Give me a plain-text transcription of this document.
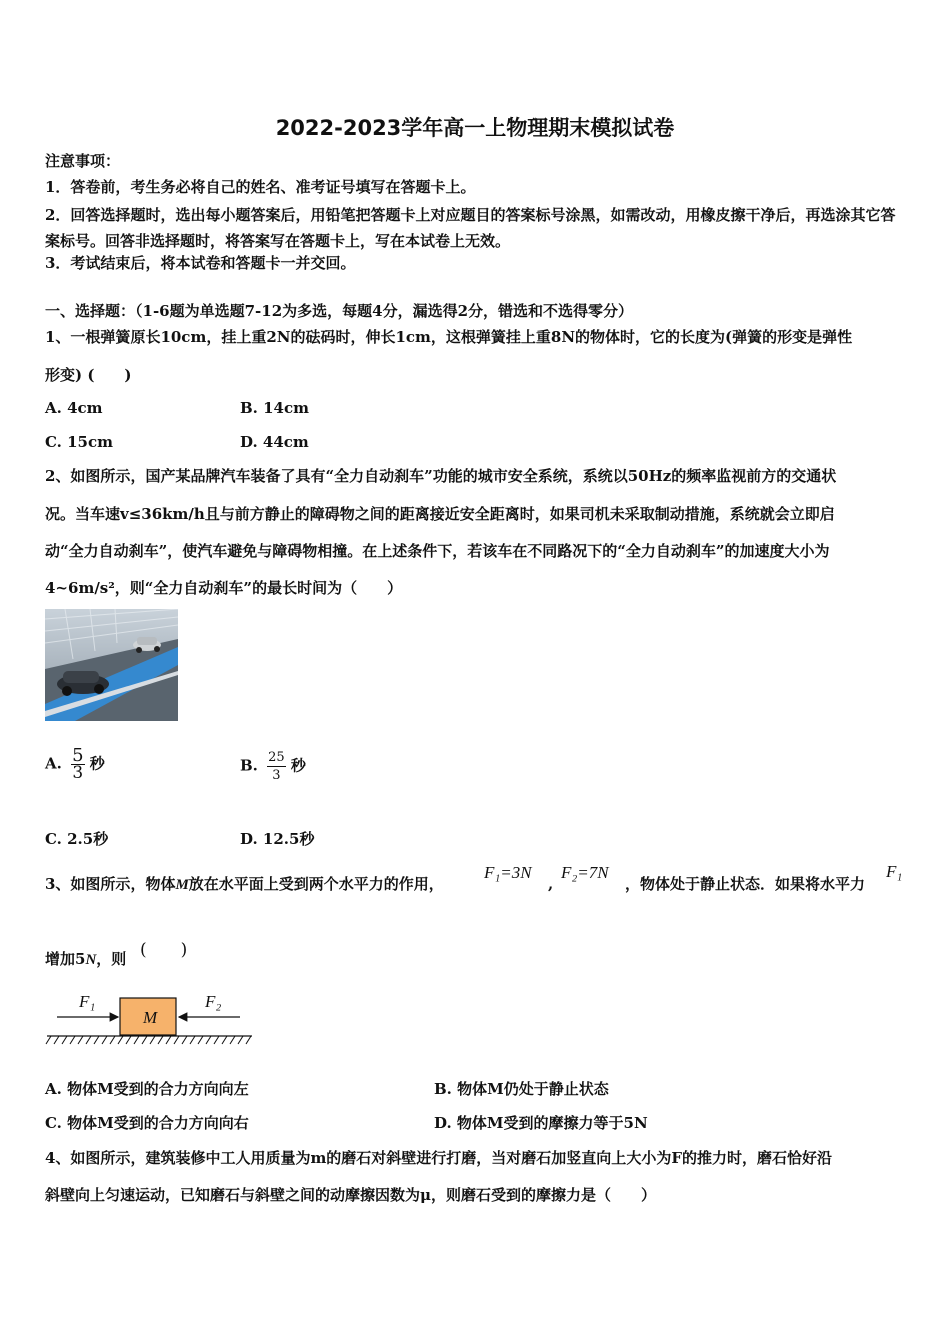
2022-2023学年高一上物理期末模拟试卷
注意事项：
1．答卷前，考生务必将自己的姓名、准考证号填写在答题卡上。
2．回答选择题时，选出每小题答案后，用铅笔把答题卡上对应题目的答案标号涂黑，如需改动，用橡皮擦干净后，再选涂其它答案标号。回答非选择题时，将答案写在答题卡上，写在本试卷上无效。
3．考试结束后，将本试卷和答题卡一并交回。
一、选择题：（1-6题为单选题7-12为多选，每题4分，漏选得2分，错选和不选得零分）
1、一根弹簧原长10cm，挂上重2N的砝码时，伸长1cm，这根弹簧挂上重8N的物体时，它的长度为(弹簧的形变是弹性
形变) (　　)
A. 4cm	B. 14cm
C. 15cm	D. 44cm
2、如图所示，国产某品牌汽车装备了具有“全力自动刹车”功能的城市安全系统，系统以50Hz的频率监视前方的交通状
况。当车速v≤36km/h且与前方静止的障碍物之间的距离接近安全距离时，如果司机未采取制动措施，系统就会立即启
动“全力自动刹车”，使汽车避免与障碍物相撞。在上述条件下，若该车在不同路况下的“全力自动刹车”的加速度大小为
4~6m/s²，则“全力自动刹车”的最长时间为（　　）
A. $\frac{5}{3}$ 秒	B. $\frac{25}{3}$ 秒
C. 2.5秒	D. 12.5秒
3、如图所示，物体M放在水平面上受到两个水平力的作用，
F₁=3N
,
F₂=7N
，物体处于静止状态．如果将水平力
F₁
增加5N，则 (　　)
F₁	F₂
M
A. 物体M受到的合力方向向左	B. 物体M仍处于静止状态
C. 物体M受到的合力方向向右	D. 物体M受到的摩擦力等于5N
4、如图所示，建筑装修中工人用质量为m的磨石对斜壁进行打磨，当对磨石加竖直向上大小为F的推力时，磨石恰好沿
斜壁向上匀速运动，已知磨石与斜壁之间的动摩擦因数为μ，则磨石受到的摩擦力是（　　）
